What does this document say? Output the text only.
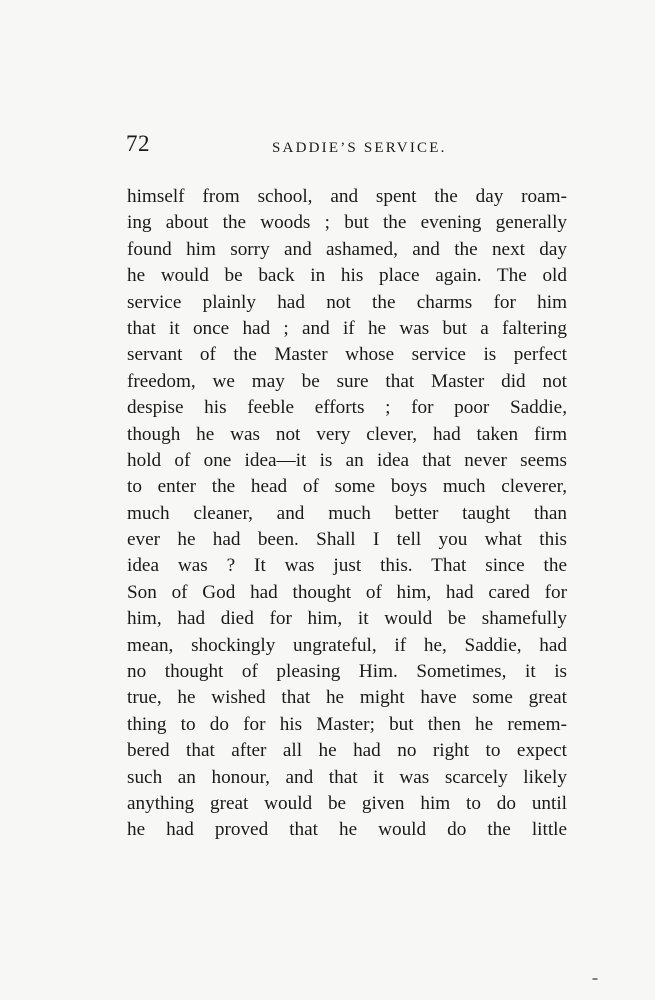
72	SADDIE’S SERVICE.
himself from school, and spent the day roam-
ing about the woods ; but the evening generally
found him sorry and ashamed, and the next day
he would be back in his place again. The old
service plainly had not the charms for him
that it once had ; and if he was but a faltering
servant of the Master whose service is perfect
freedom, we may be sure that Master did not
despise his feeble efforts ; for poor Saddie,
though he was not very clever, had taken firm
hold of one idea—it is an idea that never seems
to enter the head of some boys much cleverer,
much cleaner, and much better taught than
ever he had been. Shall I tell you what this
idea was ? It was just this. That since the
Son of God had thought of him, had cared for
him, had died for him, it would be shamefully
mean, shockingly ungrateful, if he, Saddie, had
no thought of pleasing Him. Sometimes, it is
true, he wished that he might have some great
thing to do for his Master; but then he remem-
bered that after all he had no right to expect
such an honour, and that it was scarcely likely
anything great would be given him to do until
he had proved that he would do the little
